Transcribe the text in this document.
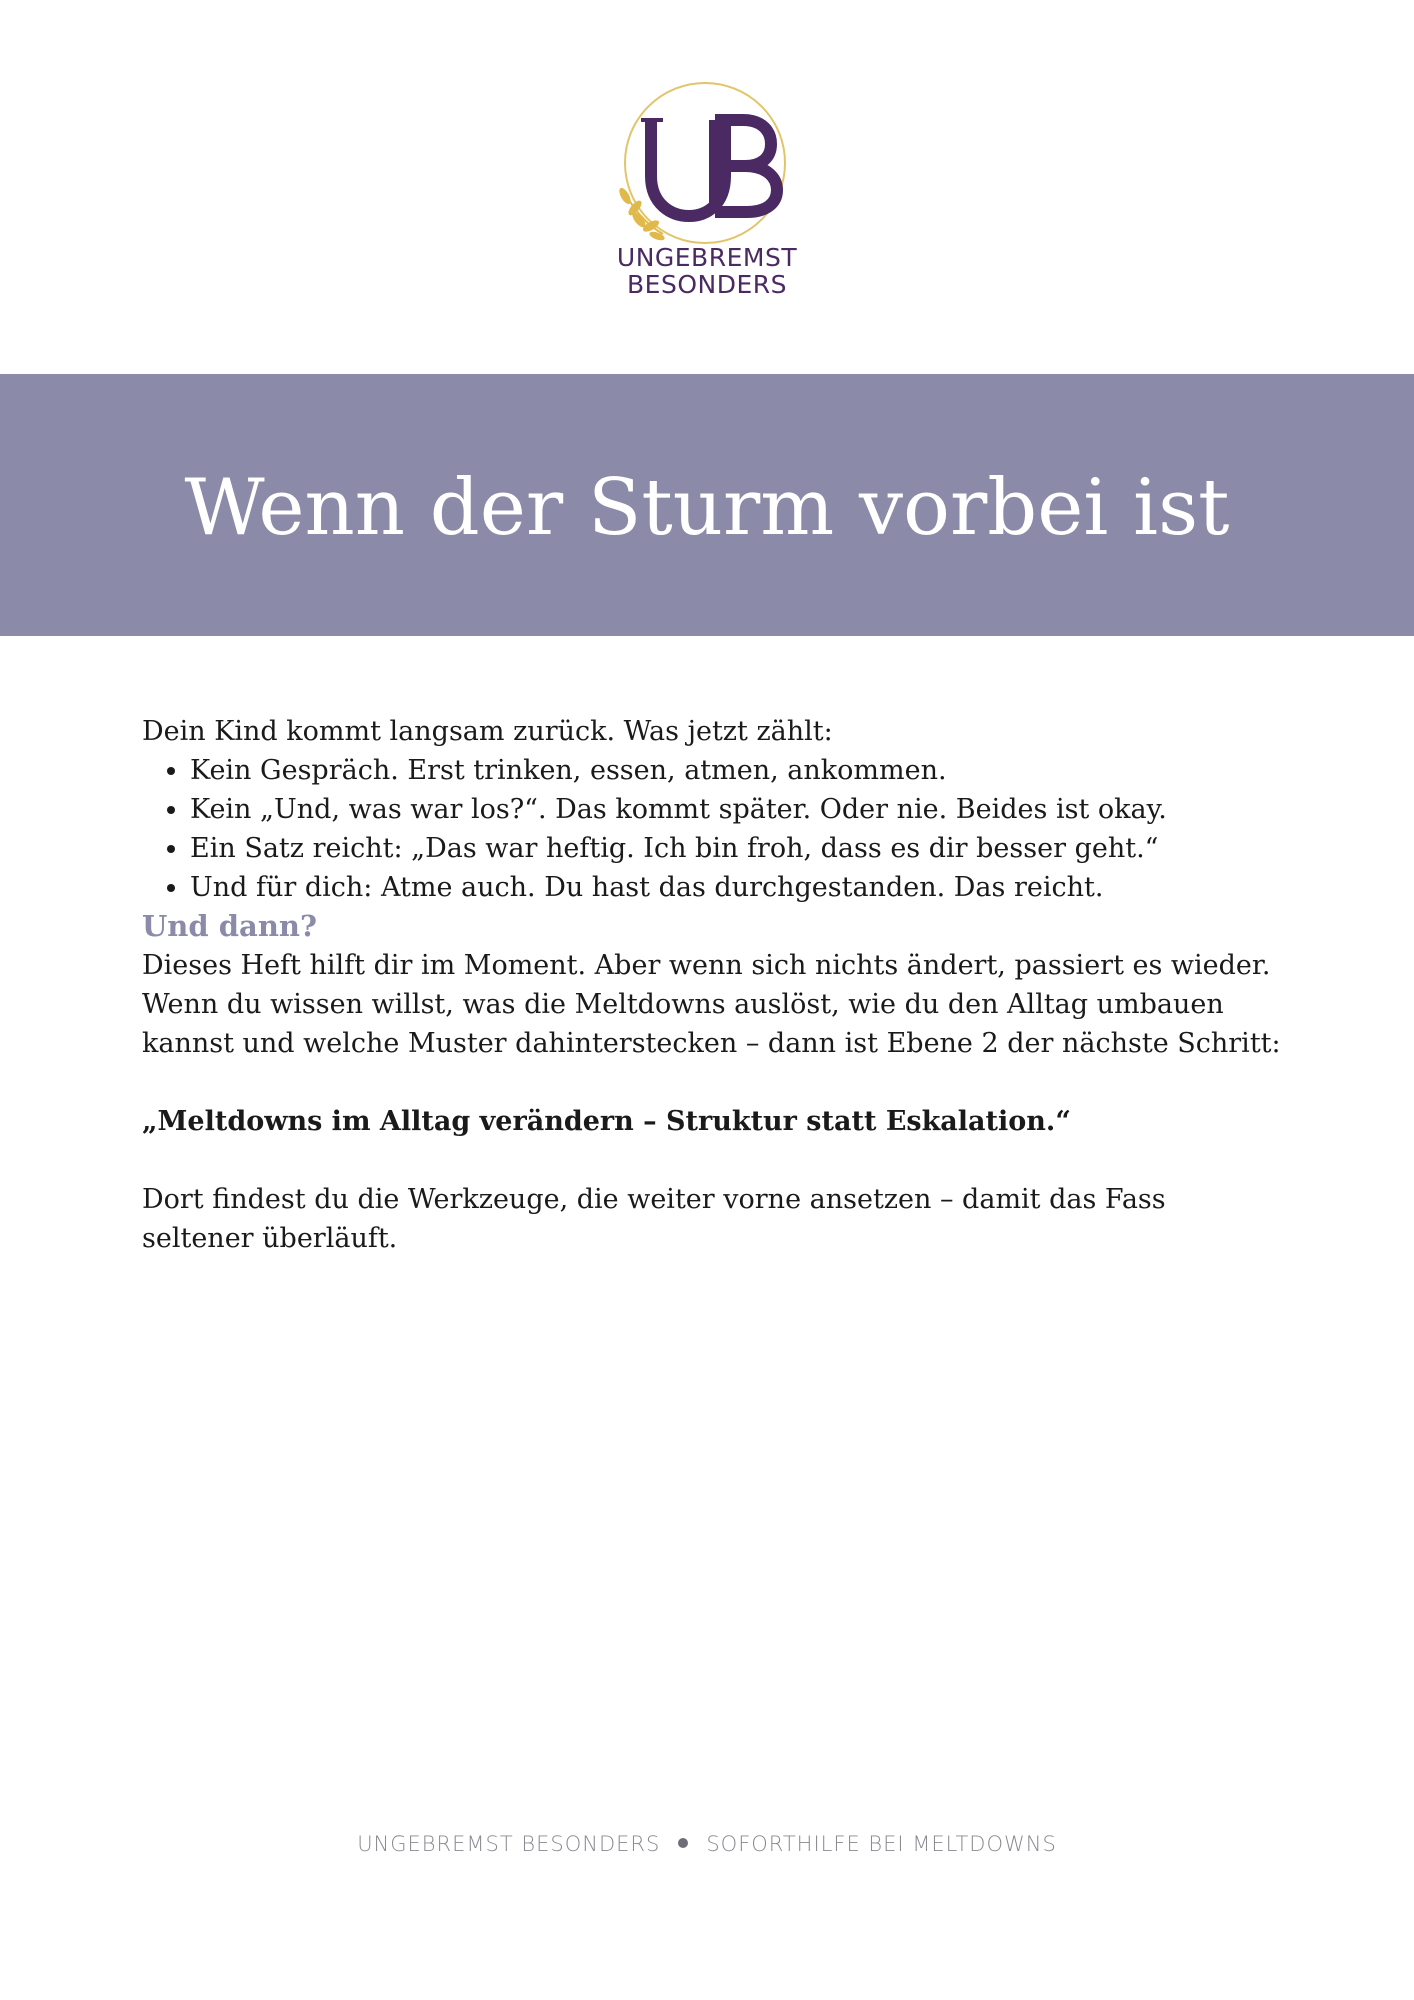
UNGEBREMST
BESONDERS
Wenn der Sturm vorbei ist

Dein Kind kommt langsam zurück. Was jetzt zählt:

• Kein Gespräch. Erst trinken, essen, atmen, ankommen.
• Kein „Und, was war los?“. Das kommt später. Oder nie. Beides ist okay.
• Ein Satz reicht: „Das war heftig. Ich bin froh, dass es dir besser geht.“
• Und für dich: Atme auch. Du hast das durchgestanden. Das reicht.

Und dann?

Dieses Heft hilft dir im Moment. Aber wenn sich nichts ändert, passiert es wieder. Wenn du wissen willst, was die Meltdowns auslöst, wie du den Alltag umbauen kannst und welche Muster dahinterstecken – dann ist Ebene 2 der nächste Schritt:

„Meltdowns im Alltag verändern – Struktur statt Eskalation.“

Dort findest du die Werkzeuge, die weiter vorne ansetzen – damit das Fass seltener überläuft.

UNGEBREMST BESONDERS SOFORTHILFE BEI MELTDOWNS
